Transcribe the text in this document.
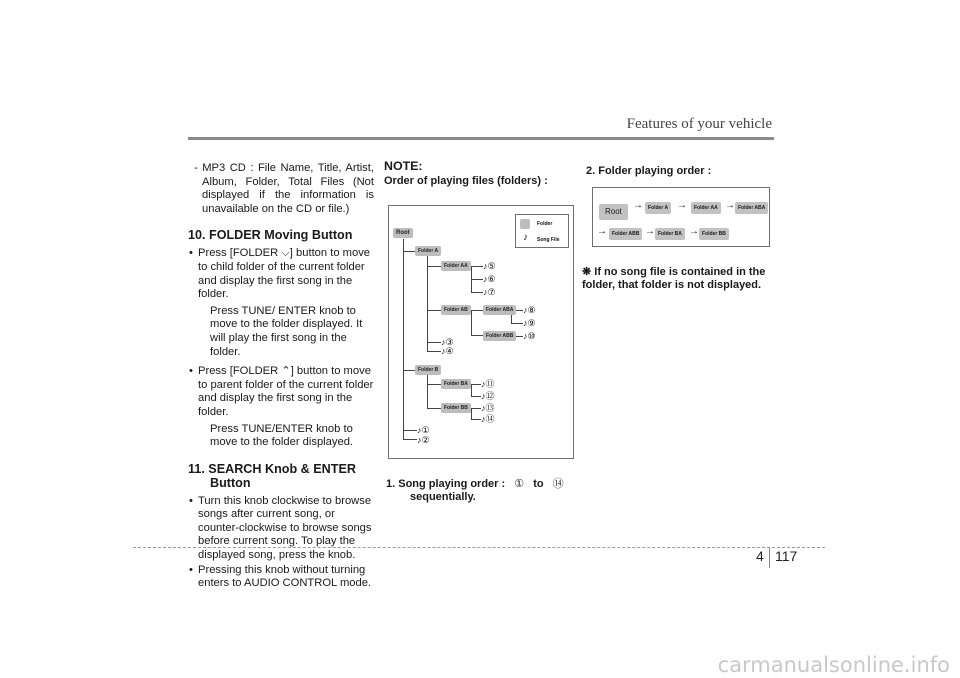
Features of your vehicle

- MP3 CD : File Name, Title, Artist, Album, Folder, Total Files (Not displayed if the information is unavailable on the CD or file.)

10. FOLDER Moving Button
• Press [FOLDER ⌵] button to move to child folder of the current folder and display the first song in the folder.

Press TUNE/ ENTER knob to move to the folder displayed. It will play the first song in the folder.

• Press [FOLDER ⌃] button to move to parent folder of the current folder and display the first song in the folder.

Press TUNE/ENTER knob to move to the folder displayed.

11. SEARCH Knob & ENTER
Button
• Turn this knob clockwise to browse songs after current song, or counter-clockwise to browse songs before current song. To play the displayed song, press the knob.
• Pressing this knob without turning enters to AUDIO CONTROL mode.
NOTE:
Order of playing files (folders) :
Folder
♪ Song File
Root
Folder A
Folder AA
Folder AB	Folder ABA
Folder ABB
Folder B
Folder BA
Folder BB
♪⑤
♪⑥
♪⑦
♪⑧
♪⑨
♪⑩
♪③
♪④
♪⑪
♪⑫
♪⑬
♪⑭
♪①
♪②
1. Song playing order : ① to ⑭
sequentially.
2. Folder playing order :
Root
→	Folder A →	Folder AA → Folder ABA
→	Folder ABB → Folder BA → Folder BB
❋ If no song file is contained in the folder, that folder is not displayed.
4 117
carmanualsonline.info
